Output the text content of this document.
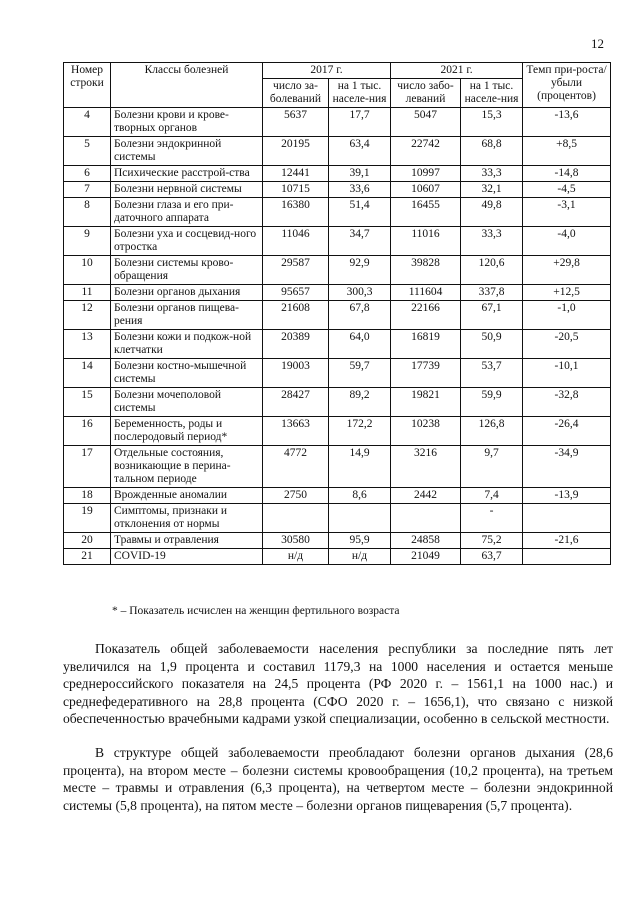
12
Номер строки	Классы болезней	2017 г.		2021 г.		Темп при-роста/убыли (процентов)
		число за-болеваний	на 1 тыс. населе-ния	число забо-леваний	на 1 тыс. населе-ния	
4	Болезни крови и крове-творных органов	5637	17,7	5047	15,3	-13,6
5	Болезни эндокринной системы	20195	63,4	22742	68,8	+8,5
6	Психические расстрой-ства	12441	39,1	10997	33,3	-14,8
7	Болезни нервной системы	10715	33,6	10607	32,1	-4,5
8	Болезни глаза и его при-даточного аппарата	16380	51,4	16455	49,8	-3,1
9	Болезни уха и сосцевид-ного отростка	11046	34,7	11016	33,3	-4,0
10	Болезни системы крово-обращения	29587	92,9	39828	120,6	+29,8
11	Болезни органов дыхания	95657	300,3	111604	337,8	+12,5
12	Болезни органов пищева-рения	21608	67,8	22166	67,1	-1,0
13	Болезни кожи и подкож-ной клетчатки	20389	64,0	16819	50,9	-20,5
14	Болезни костно-мышечной системы	19003	59,7	17739	53,7	-10,1
15	Болезни мочеполовой системы	28427	89,2	19821	59,9	-32,8
16	Беременность, роды и послеродовый период*	13663	172,2	10238	126,8	-26,4
17	Отдельные состояния, возникающие в перина-тальном периоде	4772	14,9	3216	9,7	-34,9
18	Врожденные аномалии	2750	8,6	2442	7,4	-13,9
19	Симптомы, признаки и отклонения от нормы				-	
20	Травмы и отравления	30580	95,9	24858	75,2	-21,6
21	COVID-19	н/д	н/д	21049	63,7	
* – Показатель исчислен на женщин фертильного возраста

Показатель общей заболеваемости населения республики за последние пять лет увеличился на 1,9 процента и составил 1179,3 на 1000 населения и остается меньше среднероссийского показателя на 24,5 процента (РФ 2020 г. – 1561,1 на 1000 нас.) и среднефедеративного на 28,8 процента (СФО 2020 г. – 1656,1), что связано с низкой обеспеченностью врачебными кадрами узкой специализации, особенно в сельской местности.

В структуре общей заболеваемости преобладают болезни органов дыхания (28,6 процента), на втором месте – болезни системы кровообращения (10,2 процента), на третьем месте – травмы и отравления (6,3 процента), на четвертом месте – болезни эндокринной системы (5,8 процента), на пятом месте – болезни органов пищеварения (5,7 процента).
